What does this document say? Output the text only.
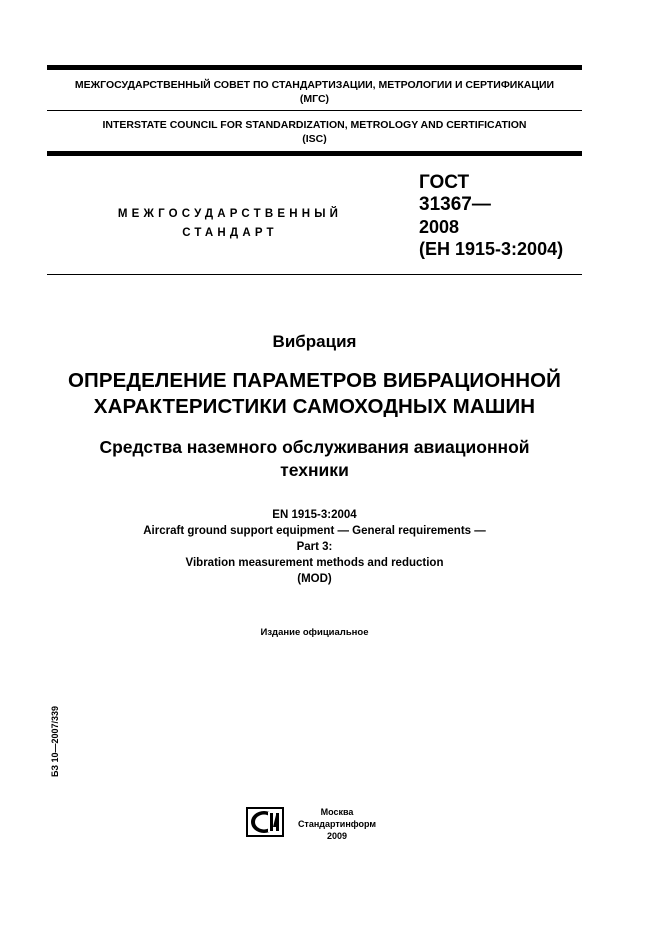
МЕЖГОСУДАРСТВЕННЫЙ СОВЕТ ПО СТАНДАРТИЗАЦИИ, МЕТРОЛОГИИ И СЕРТИФИКАЦИИ
(МГС)
INTERSTATE COUNCIL FOR STANDARDIZATION, METROLOGY AND CERTIFICATION
(ISC)
МЕЖГОСУДАРСТВЕННЫЙ
СТАНДАРТ
ГОСТ
31367—
2008
(ЕН 1915-3:2004)
Вибрация
ОПРЕДЕЛЕНИЕ ПАРАМЕТРОВ ВИБРАЦИОННОЙ
ХАРАКТЕРИСТИКИ САМОХОДНЫХ МАШИН
Средства наземного обслуживания авиационной
техники
EN 1915-3:2004
Aircraft ground support equipment — General requirements —
Part 3:
Vibration measurement methods and reduction
(MOD)
Издание официальное
БЗ 10—2007/339
Москва
Стандартинформ
2009
